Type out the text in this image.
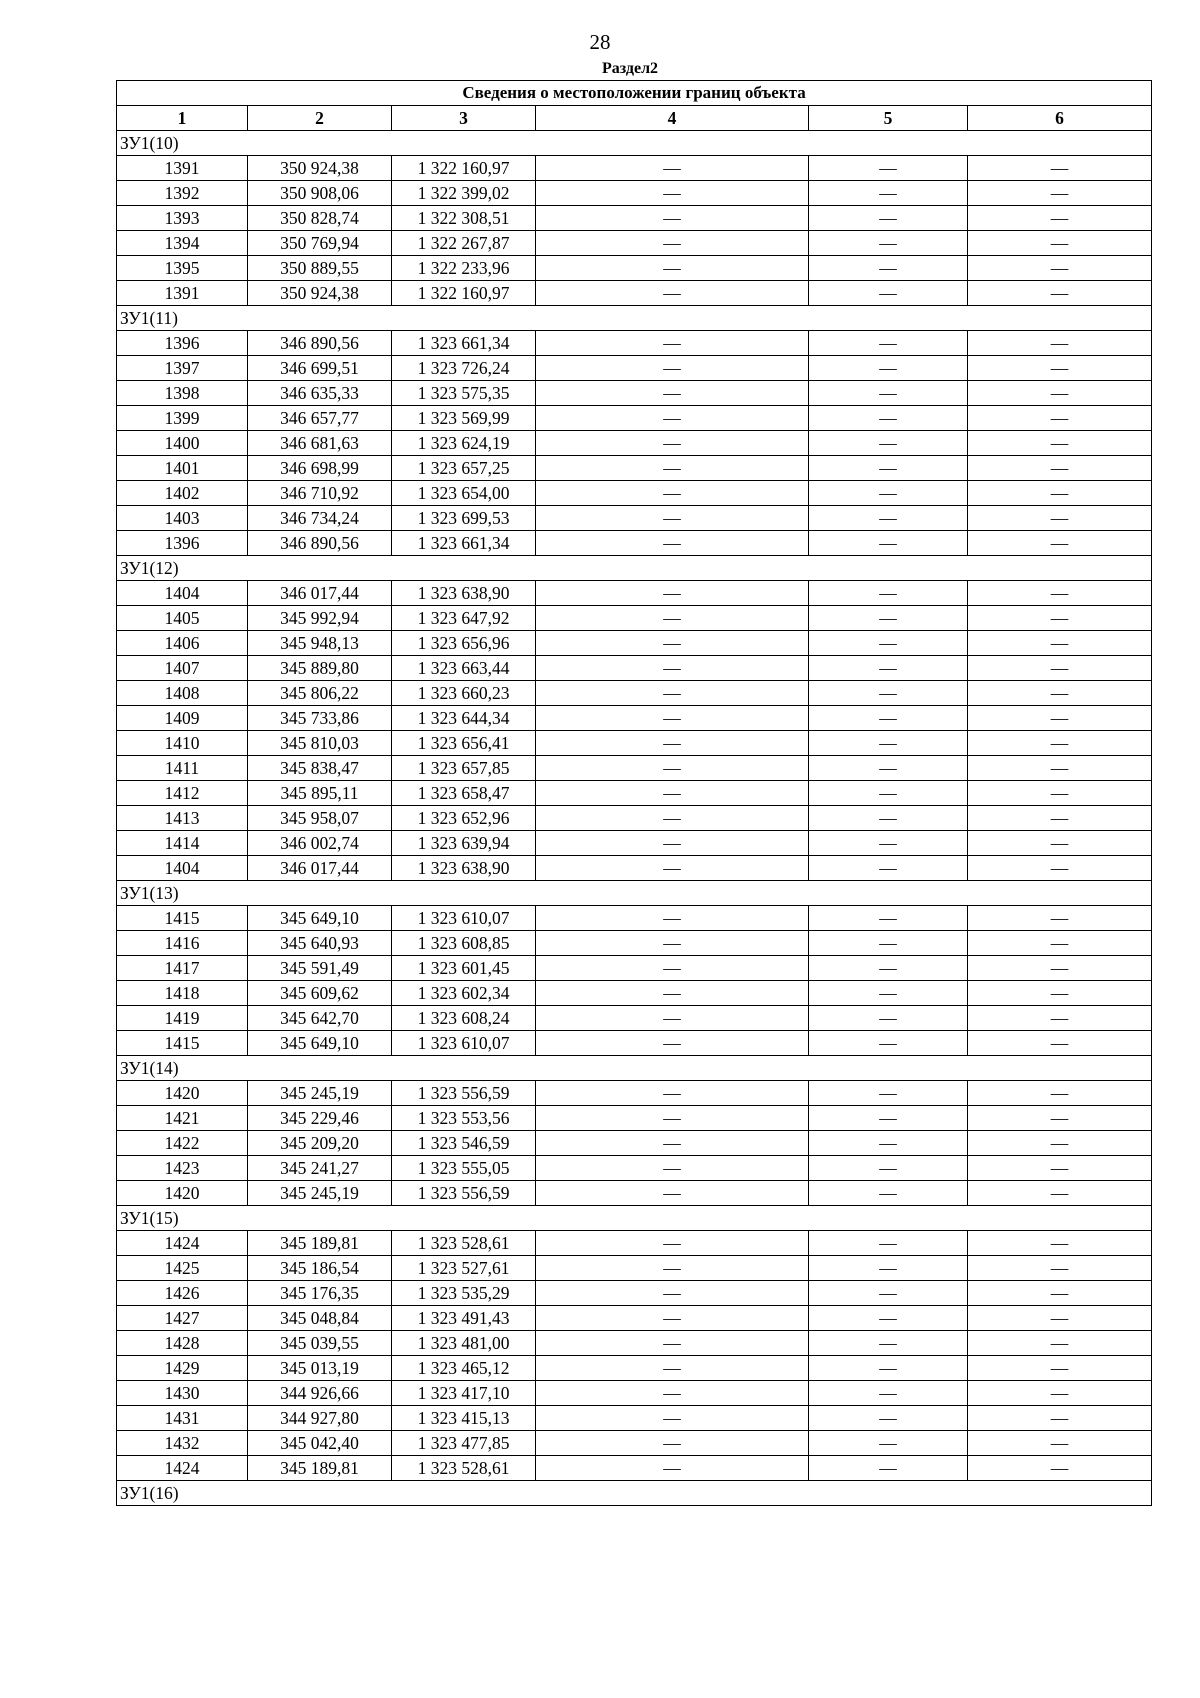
28
Раздел2
Сведения о местоположении границ объекта					
1	2	3	4	5	6
ЗУ1(10)					
1391	350 924,38	1 322 160,97	—	—	—
1392	350 908,06	1 322 399,02	—	—	—
1393	350 828,74	1 322 308,51	—	—	—
1394	350 769,94	1 322 267,87	—	—	—
1395	350 889,55	1 322 233,96	—	—	—
1391	350 924,38	1 322 160,97	—	—	—
ЗУ1(11)					
1396	346 890,56	1 323 661,34	—	—	—
1397	346 699,51	1 323 726,24	—	—	—
1398	346 635,33	1 323 575,35	—	—	—
1399	346 657,77	1 323 569,99	—	—	—
1400	346 681,63	1 323 624,19	—	—	—
1401	346 698,99	1 323 657,25	—	—	—
1402	346 710,92	1 323 654,00	—	—	—
1403	346 734,24	1 323 699,53	—	—	—
1396	346 890,56	1 323 661,34	—	—	—
ЗУ1(12)					
1404	346 017,44	1 323 638,90	—	—	—
1405	345 992,94	1 323 647,92	—	—	—
1406	345 948,13	1 323 656,96	—	—	—
1407	345 889,80	1 323 663,44	—	—	—
1408	345 806,22	1 323 660,23	—	—	—
1409	345 733,86	1 323 644,34	—	—	—
1410	345 810,03	1 323 656,41	—	—	—
1411	345 838,47	1 323 657,85	—	—	—
1412	345 895,11	1 323 658,47	—	—	—
1413	345 958,07	1 323 652,96	—	—	—
1414	346 002,74	1 323 639,94	—	—	—
1404	346 017,44	1 323 638,90	—	—	—
ЗУ1(13)					
1415	345 649,10	1 323 610,07	—	—	—
1416	345 640,93	1 323 608,85	—	—	—
1417	345 591,49	1 323 601,45	—	—	—
1418	345 609,62	1 323 602,34	—	—	—
1419	345 642,70	1 323 608,24	—	—	—
1415	345 649,10	1 323 610,07	—	—	—
ЗУ1(14)					
1420	345 245,19	1 323 556,59	—	—	—
1421	345 229,46	1 323 553,56	—	—	—
1422	345 209,20	1 323 546,59	—	—	—
1423	345 241,27	1 323 555,05	—	—	—
1420	345 245,19	1 323 556,59	—	—	—
ЗУ1(15)					
1424	345 189,81	1 323 528,61	—	—	—
1425	345 186,54	1 323 527,61	—	—	—
1426	345 176,35	1 323 535,29	—	—	—
1427	345 048,84	1 323 491,43	—	—	—
1428	345 039,55	1 323 481,00	—	—	—
1429	345 013,19	1 323 465,12	—	—	—
1430	344 926,66	1 323 417,10	—	—	—
1431	344 927,80	1 323 415,13	—	—	—
1432	345 042,40	1 323 477,85	—	—	—
1424	345 189,81	1 323 528,61	—	—	—
ЗУ1(16)					
